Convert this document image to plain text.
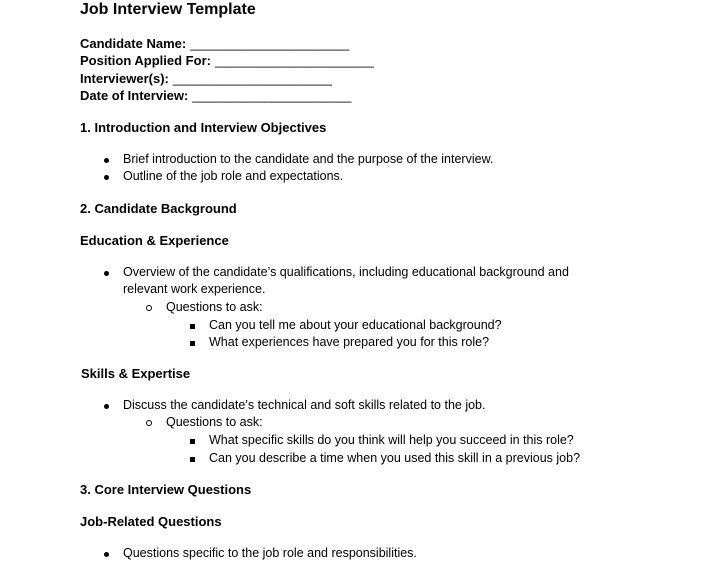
Job Interview Template
Candidate Name: ______________________
Position Applied For: ______________________
Interviewer(s): ______________________
Date of Interview: ______________________
1. Introduction and Interview Objectives
Brief introduction to the candidate and the purpose of the interview.
Outline of the job role and expectations.
2. Candidate Background
Education & Experience
Overview of the candidate’s qualifications, including educational background and
relevant work experience.
Questions to ask:
Can you tell me about your educational background?
What experiences have prepared you for this role?
Skills & Expertise
Discuss the candidate’s technical and soft skills related to the job.
Questions to ask:
What specific skills do you think will help you succeed in this role?
Can you describe a time when you used this skill in a previous job?
3. Core Interview Questions
Job-Related Questions
Questions specific to the job role and responsibilities.
